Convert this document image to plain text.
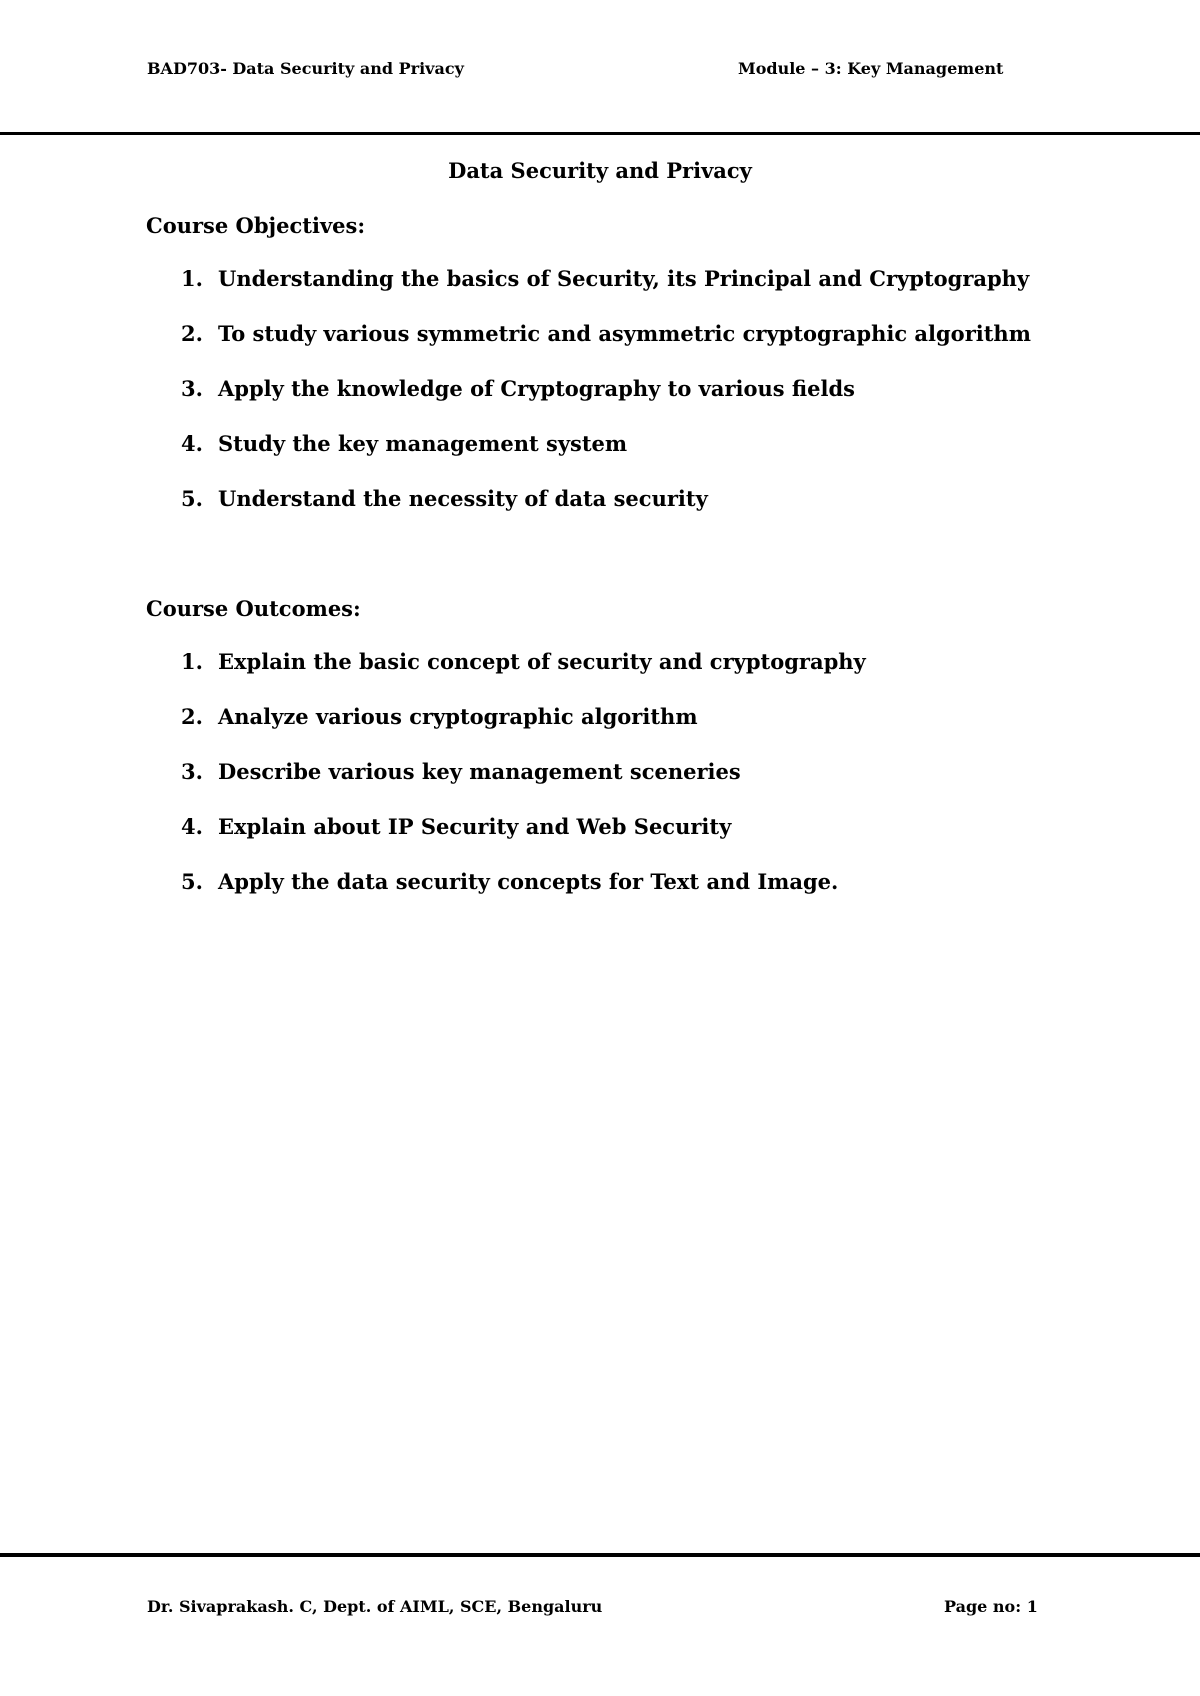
BAD703- Data Security and Privacy	Module – 3: Key Management
Data Security and Privacy
Course Objectives:
1. Understanding the basics of Security, its Principal and Cryptography
2. To study various symmetric and asymmetric cryptographic algorithm
3. Apply the knowledge of Cryptography to various fields
4. Study the key management system
5. Understand the necessity of data security
Course Outcomes:
1. Explain the basic concept of security and cryptography
2. Analyze various cryptographic algorithm
3. Describe various key management sceneries
4. Explain about IP Security and Web Security
5. Apply the data security concepts for Text and Image.
Dr. Sivaprakash. C, Dept. of AIML, SCE, Bengaluru	Page no: 1
